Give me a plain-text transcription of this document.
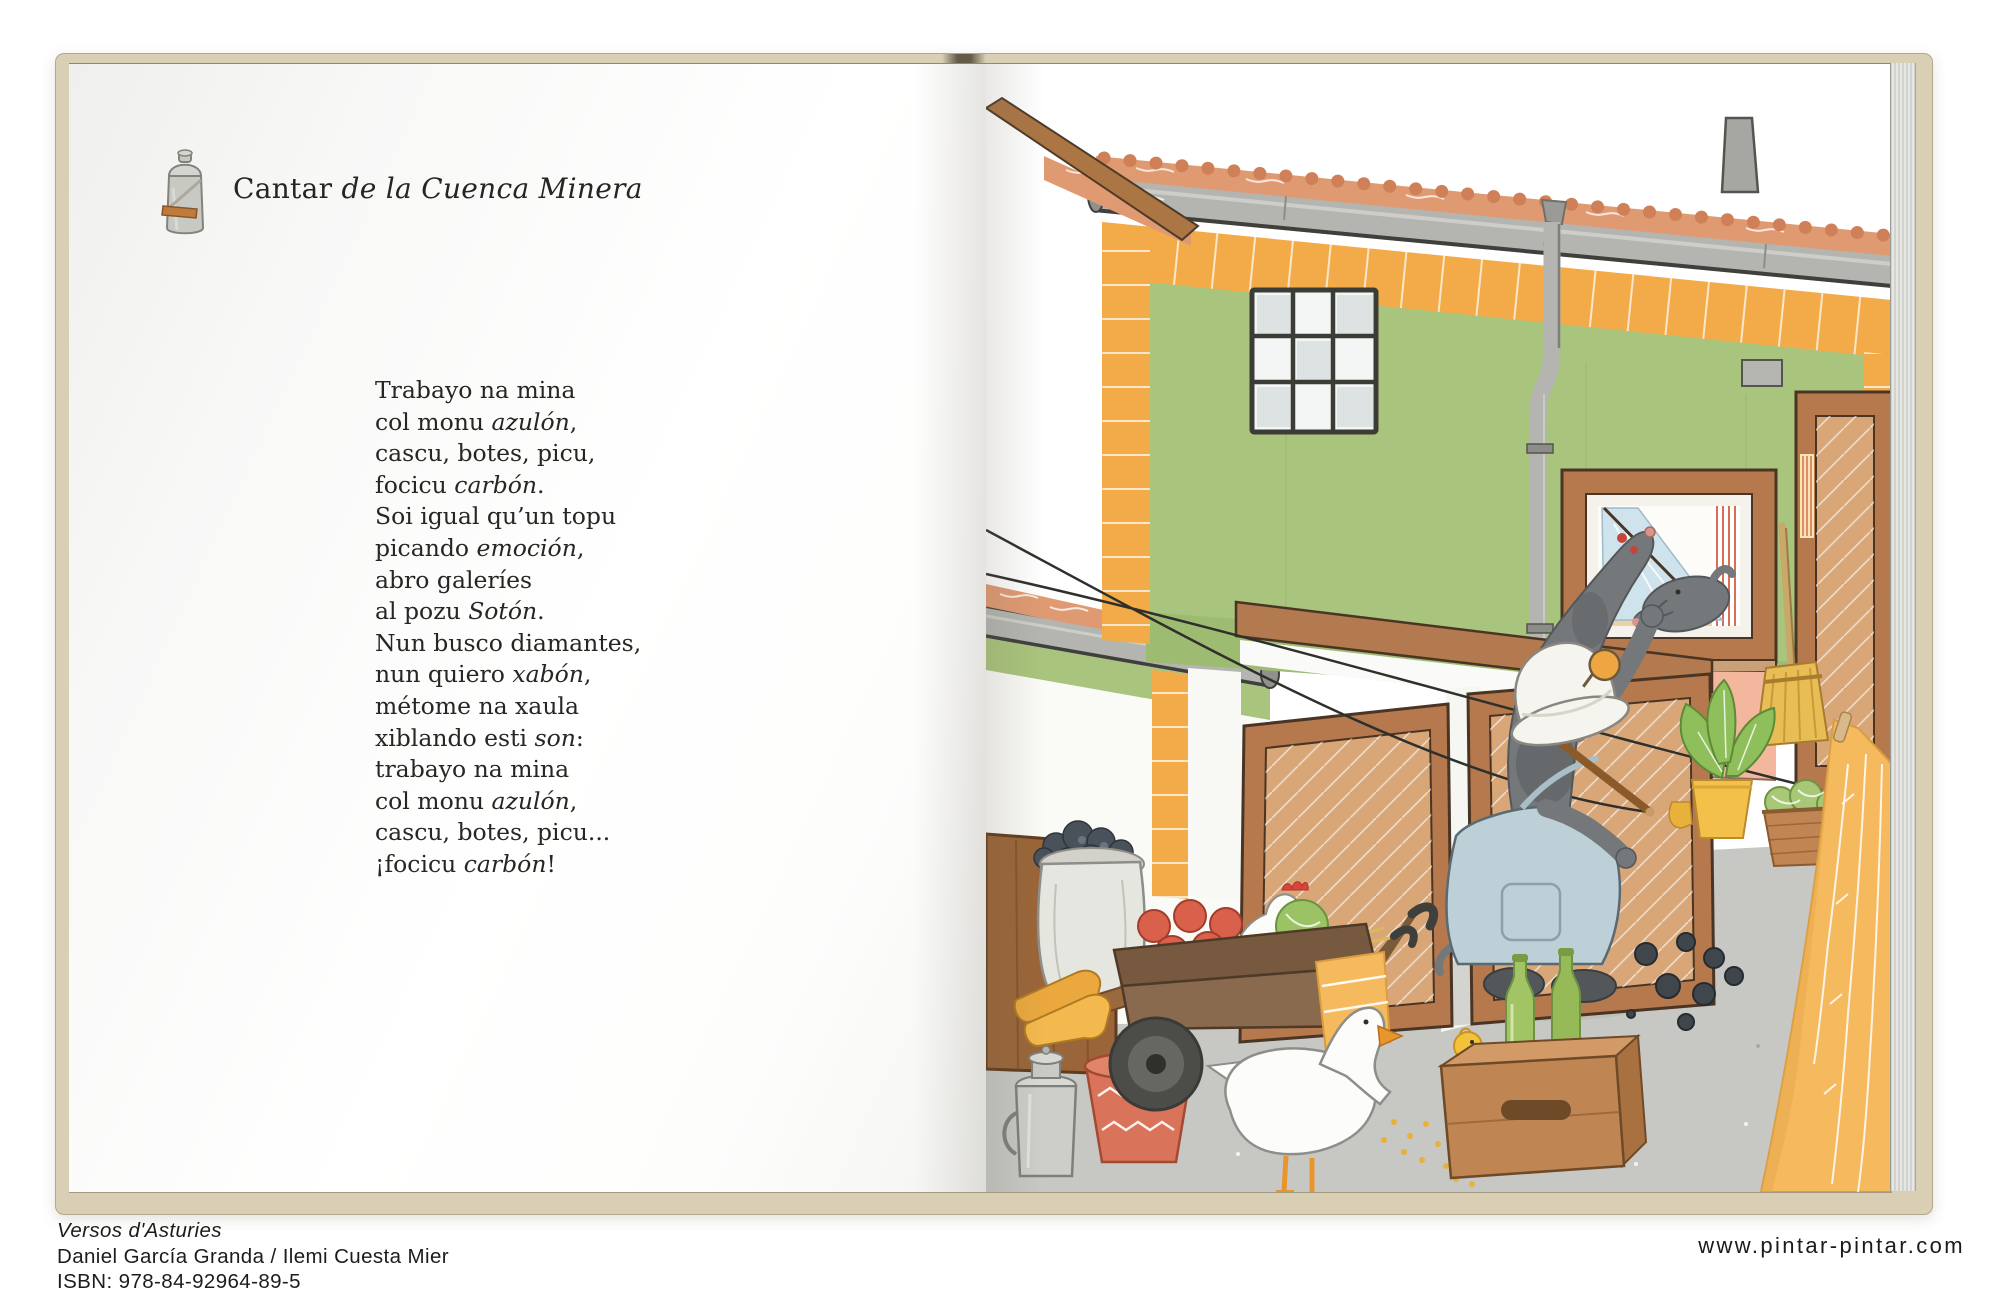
Cantar de la Cuenca Minera
Trabayo na mina
col monu azulón,
cascu, botes, picu,
focicu carbón.
Soi igual qu’un topu
picando emoción,
abro galeríes
al pozu Sotón.
Nun busco diamantes,
nun quiero xabón,
métome na xaula
xiblando esti son:
trabayo na mina
col monu azulón,
cascu, botes, picu...
¡focicu carbón!
Versos d'Asturies
Daniel García Granda / Ilemi Cuesta Mier
ISBN: 978-84-92964-89-5
www.pintar-pintar.com
